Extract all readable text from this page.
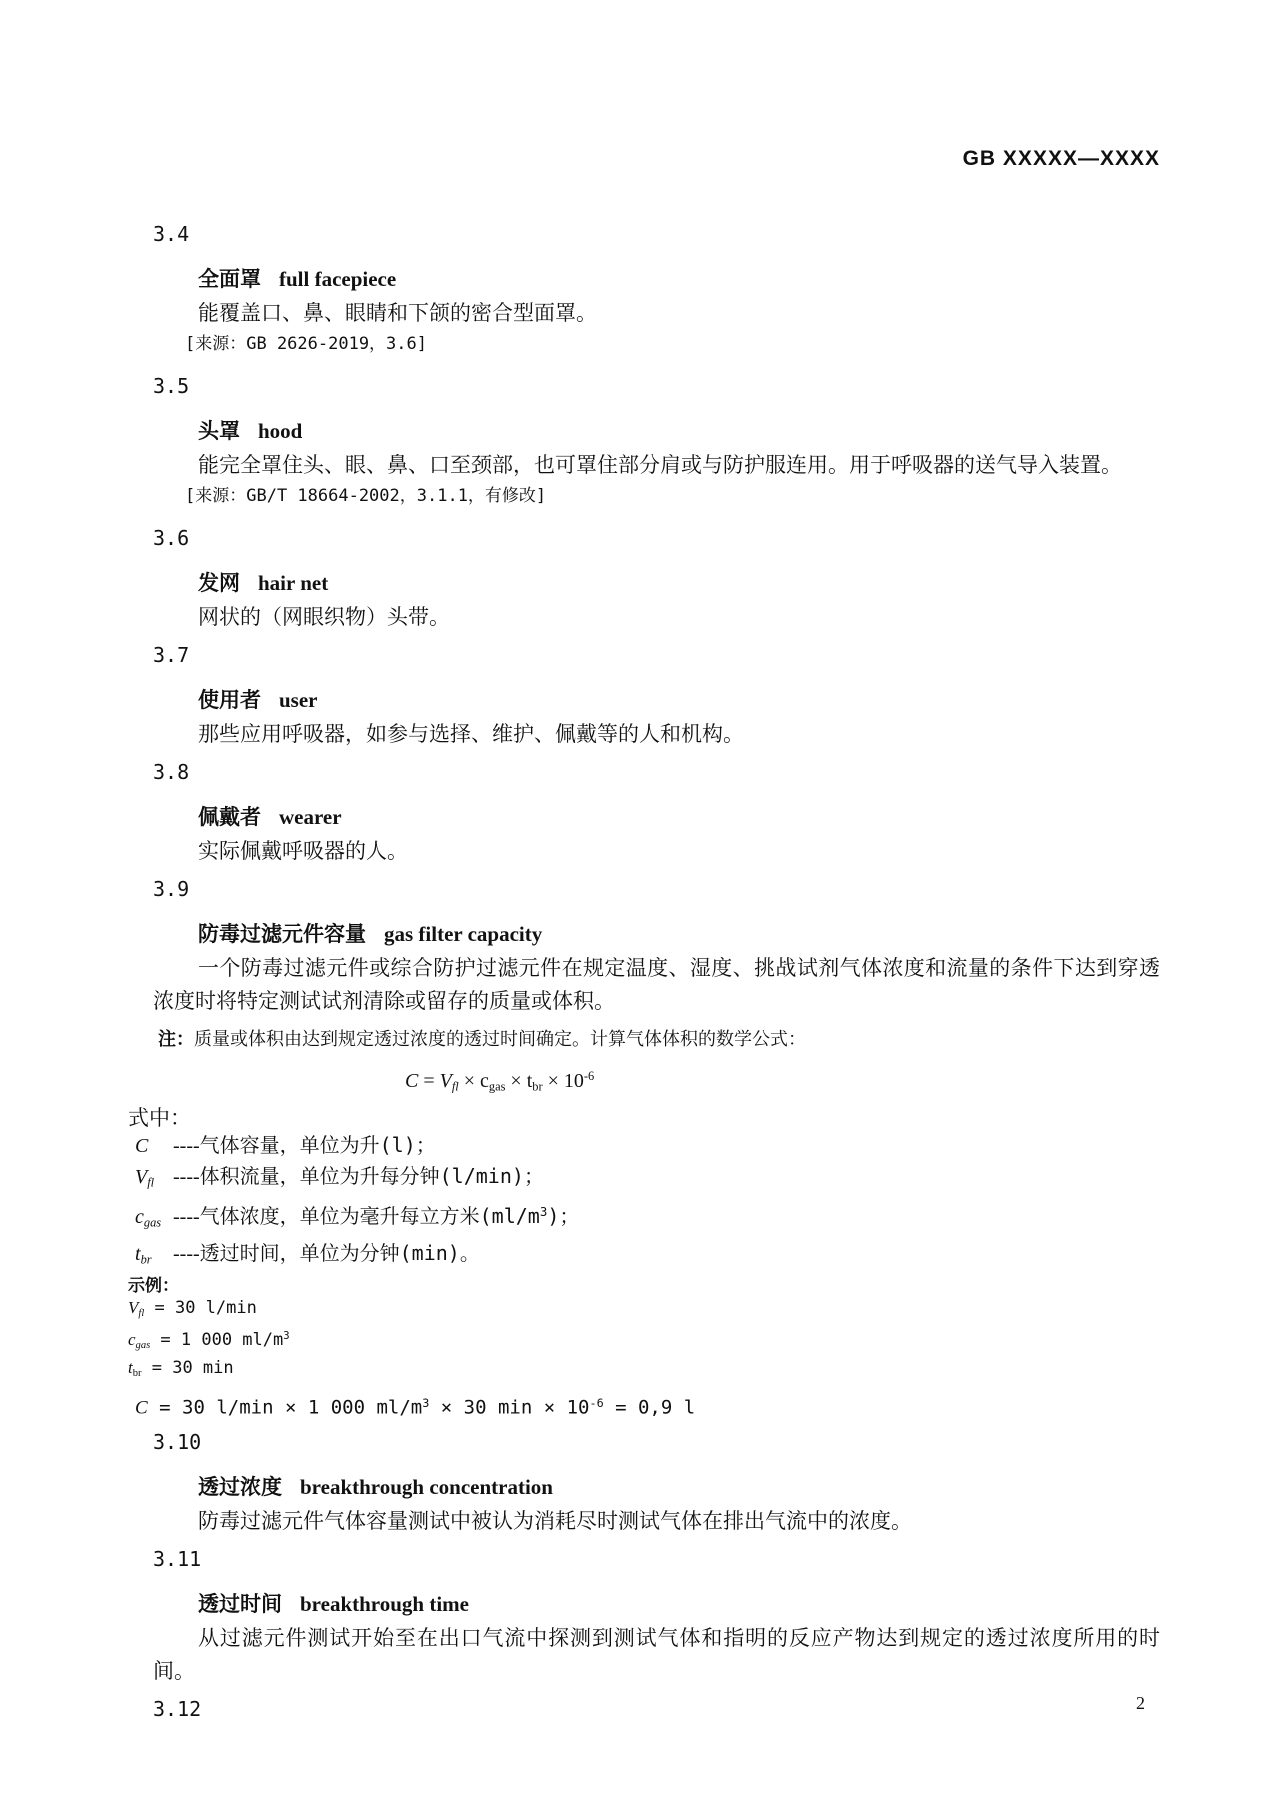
GB XXXXX—XXXX
3.4
全面罩 full facepiece

能覆盖口、鼻、眼睛和下颌的密合型面罩。

[来源：GB 2626-2019，3.6]

3.5
头罩 hood

能完全罩住头、眼、鼻、口至颈部，也可罩住部分肩或与防护服连用。用于呼吸器的送气导入装置。

[来源：GB/T 18664-2002，3.1.1，有修改]

3.6
发网 hair net

网状的（网眼织物）头带。

3.7
使用者 user

那些应用呼吸器，如参与选择、维护、佩戴等的人和机构。

3.8
佩戴者 wearer

实际佩戴呼吸器的人。

3.9
防毒过滤元件容量 gas filter capacity

一个防毒过滤元件或综合防护过滤元件在规定温度、湿度、挑战试剂气体浓度和流量的条件下达到穿透浓度时将特定测试试剂清除或留存的质量或体积。

注：质量或体积由达到规定透过浓度的透过时间确定。计算气体体积的数学公式：

$C = V_{fl} \times c_{gas} \times t_{br} \times 10^{-6}$
式中：
C ----气体容量，单位为升(l)；
$V_{fl}$ ----体积流量，单位为升每分钟(l/min)；
$c_{gas}$ ----气体浓度，单位为毫升每立方米$(ml/m^3)$；
$t_{br}$ ----透过时间，单位为分钟(min)。
示例：
$V_{fl} = 30$ l/min
$c_{gas} = 1$ 000 $ml/m^3$
$t_{br} = 30$ min
C = 30 l/min × 1 000 $ml/m^3 \times 30$ $\min \times 10^{-6} = 0,9$ l
3.10
透过浓度 breakthrough concentration

防毒过滤元件气体容量测试中被认为消耗尽时测试气体在排出气流中的浓度。

3.11
透过时间 breakthrough time

从过滤元件测试开始至在出口气流中探测到测试气体和指明的反应产物达到规定的透过浓度所用的时间。

3.12	2
